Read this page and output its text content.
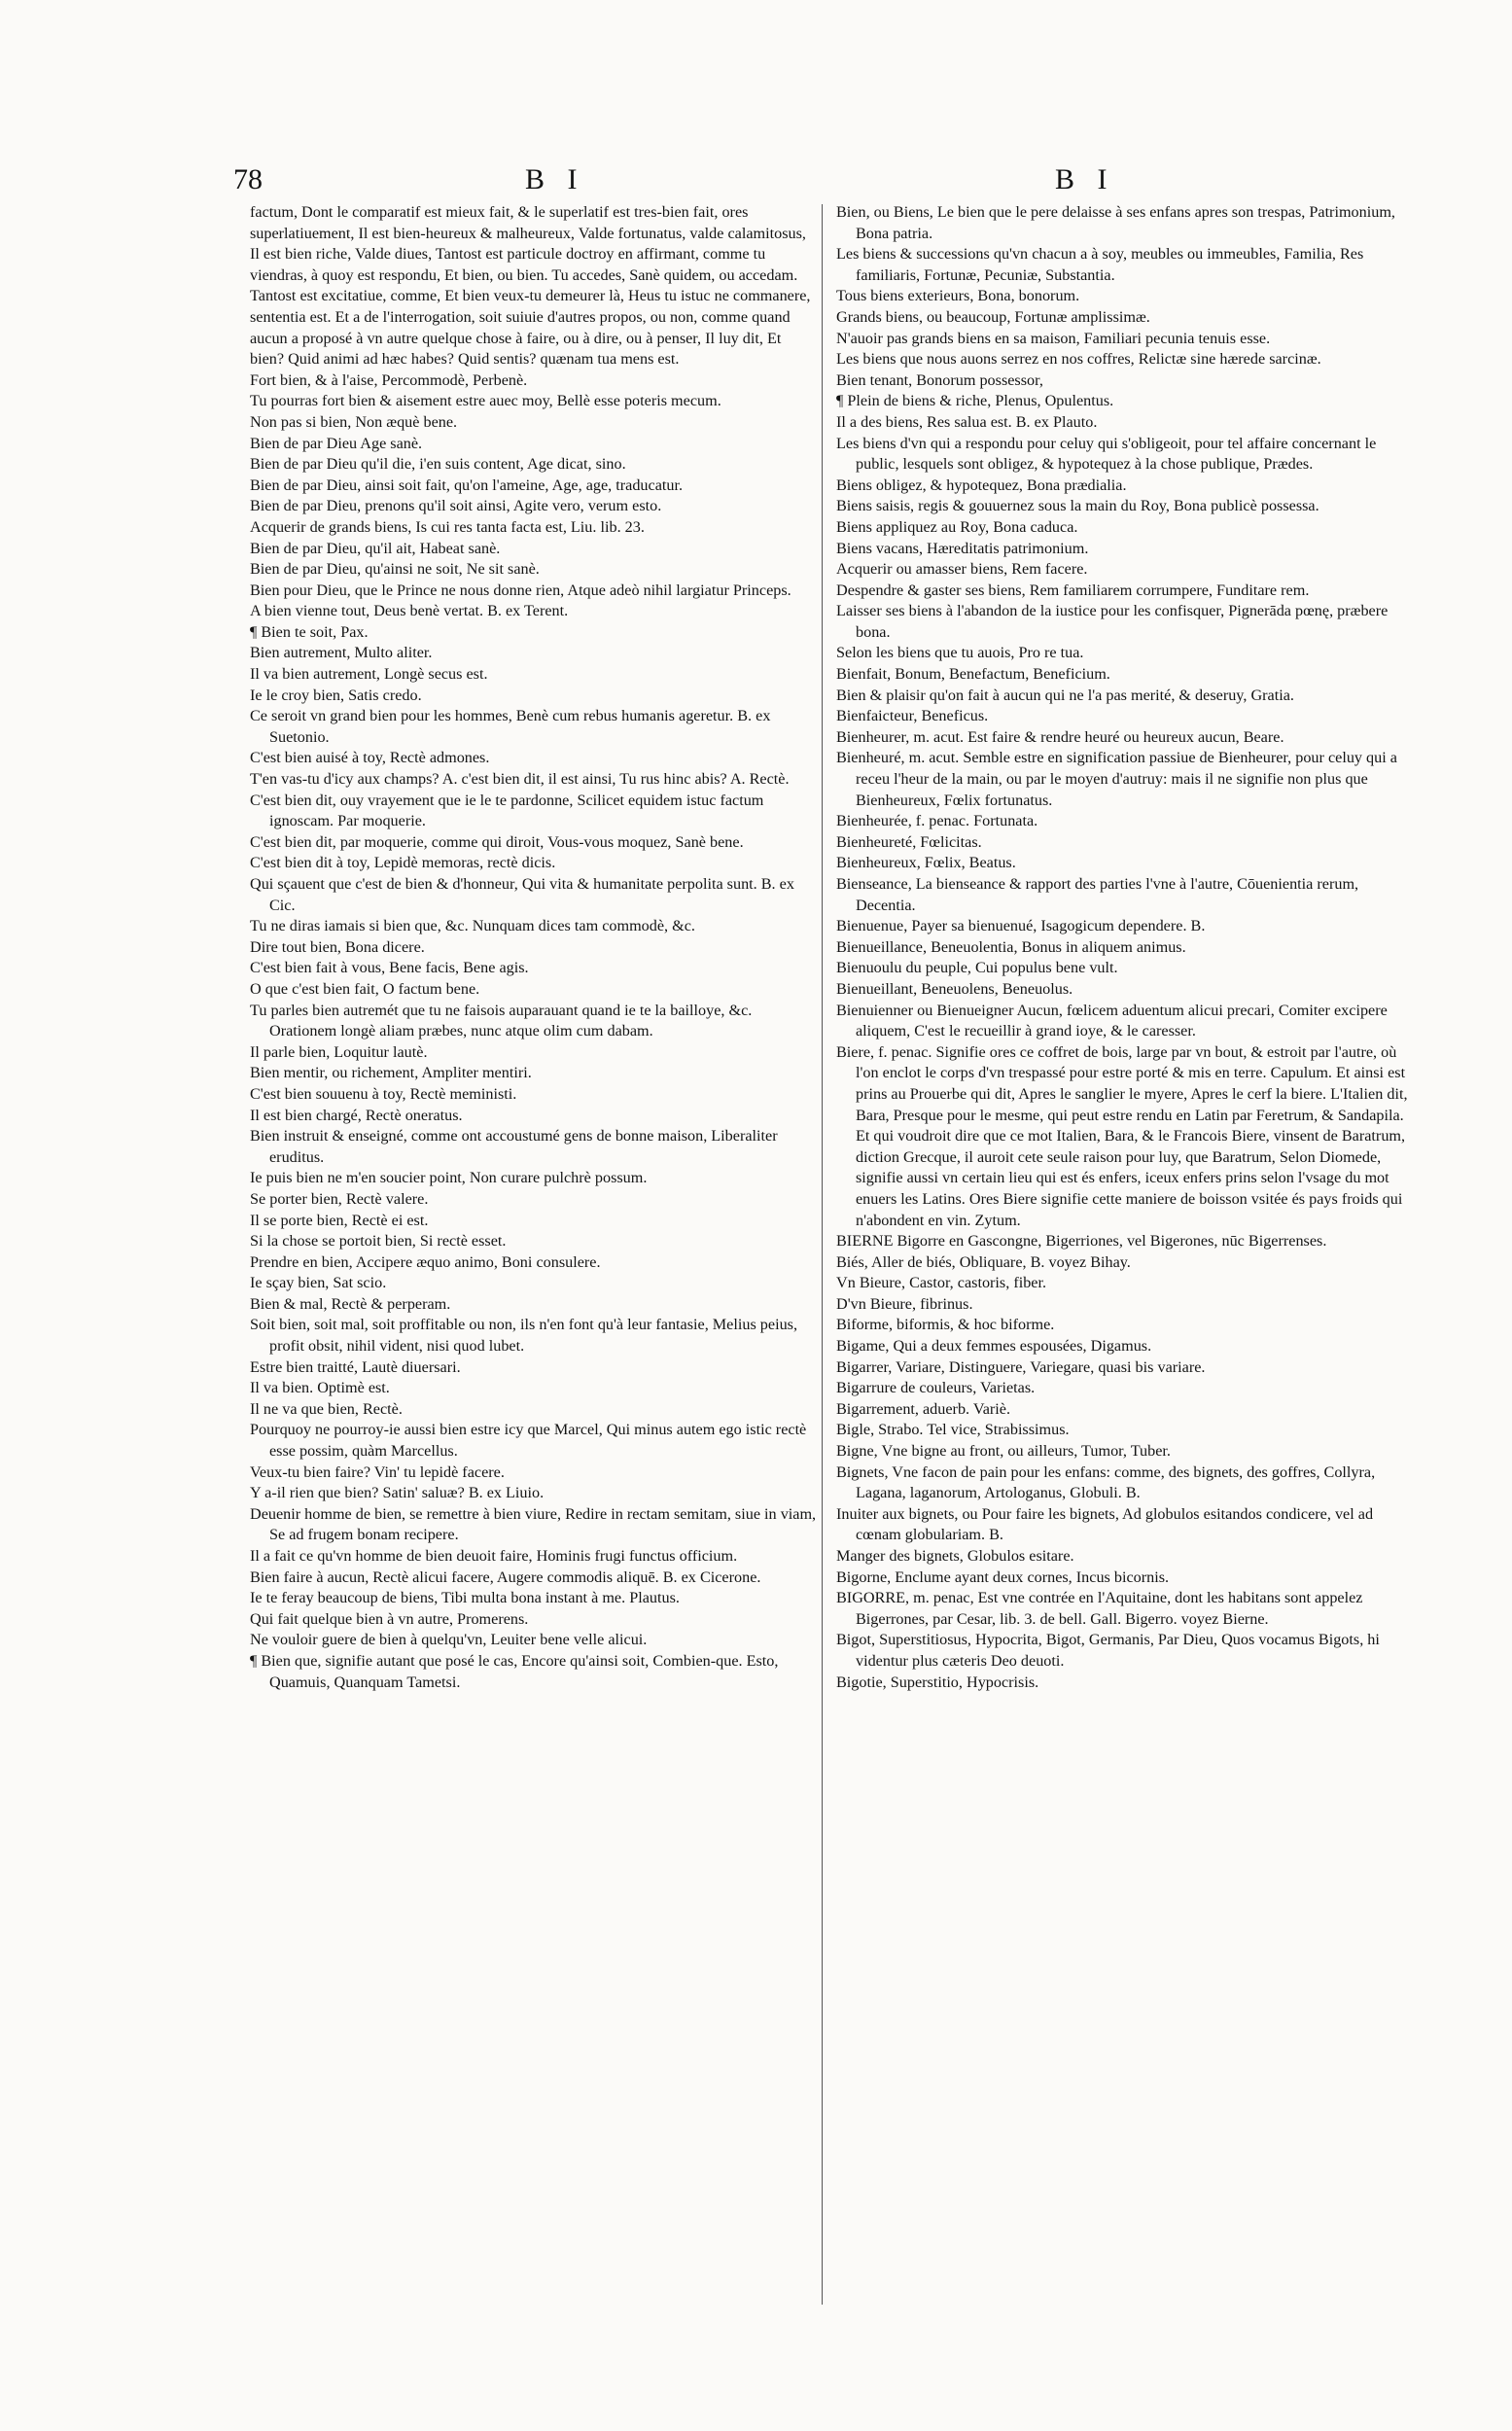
78	B I	B I

factum, Dont le comparatif est mieux fait, & le superlatif est tres-bien fait, ores superlatiuement, Il est bien-heureux & malheureux, Valde fortunatus, valde calamitosus, Il est bien riche, Valde diues, Tantost est particule doctroy en affirmant, comme tu viendras, à quoy est respondu, Et bien, ou bien. Tu accedes, Sanè quidem, ou accedam. Tantost est excitatiue, comme, Et bien veux-tu demeurer là, Heus tu istuc ne commanere, sententia est. Et a de l'interrogation, soit suiuie d'autres propos, ou non, comme quand aucun a proposé à vn autre quelque chose à faire, ou à dire, ou à penser, Il luy dit, Et bien? Quid animi ad hæc habes? Quid sentis? quænam tua mens est.

Fort bien, & à l'aise, Percommodè, Perbenè.

Tu pourras fort bien & aisement estre auec moy, Bellè esse poteris mecum.

Non pas si bien, Non æquè bene.

Bien de par Dieu Age sanè.

Bien de par Dieu qu'il die, i'en suis content, Age dicat, sino.

Bien de par Dieu, ainsi soit fait, qu'on l'ameine, Age, age, traducatur.

Bien de par Dieu, prenons qu'il soit ainsi, Agite vero, verum esto.

Acquerir de grands biens, Is cui res tanta facta est, Liu. lib. 23.

Bien de par Dieu, qu'il ait, Habeat sanè.

Bien de par Dieu, qu'ainsi ne soit, Ne sit sanè.

Bien pour Dieu, que le Prince ne nous donne rien, Atque adeò nihil largiatur Princeps.

A bien vienne tout, Deus benè vertat. B. ex Terent.

¶ Bien te soit, Pax.

Bien autrement, Multo aliter.

Il va bien autrement, Longè secus est.

Ie le croy bien, Satis credo.

Ce seroit vn grand bien pour les hommes, Benè cum rebus humanis ageretur. B. ex Suetonio.

C'est bien auisé à toy, Rectè admones.

T'en vas-tu d'icy aux champs? A. c'est bien dit, il est ainsi, Tu rus hinc abis? A. Rectè.

C'est bien dit, ouy vrayement que ie le te pardonne, Scilicet equidem istuc factum ignoscam. Par moquerie.

C'est bien dit, par moquerie, comme qui diroit, Vous-vous moquez, Sanè bene.

C'est bien dit à toy, Lepidè memoras, rectè dicis.

Qui sçauent que c'est de bien & d'honneur, Qui vita & humanitate perpolita sunt. B. ex Cic.

Tu ne diras iamais si bien que, &c. Nunquam dices tam commodè, &c.

Dire tout bien, Bona dicere.

C'est bien fait à vous, Bene facis, Bene agis.

O que c'est bien fait, O factum bene.

Tu parles bien autremét que tu ne faisois auparauant quand ie te la bailloye, &c. Orationem longè aliam præbes, nunc atque olim cum dabam.

Il parle bien, Loquitur lautè.

Bien mentir, ou richement, Ampliter mentiri.

C'est bien souuenu à toy, Rectè meministi.

Il est bien chargé, Rectè oneratus.

Bien instruit & enseigné, comme ont accoustumé gens de bonne maison, Liberaliter eruditus.

Ie puis bien ne m'en soucier point, Non curare pulchrè possum.

Se porter bien, Rectè valere.

Il se porte bien, Rectè ei est.

Si la chose se portoit bien, Si rectè esset.

Prendre en bien, Accipere æquo animo, Boni consulere.

Ie sçay bien, Sat scio.

Bien & mal, Rectè & perperam.

Soit bien, soit mal, soit proffitable ou non, ils n'en font qu'à leur fantasie, Melius peius, profit obsit, nihil vident, nisi quod lubet.

Estre bien traitté, Lautè diuersari.

Il va bien. Optimè est.

Il ne va que bien, Rectè.

Pourquoy ne pourroy-ie aussi bien estre icy que Marcel, Qui minus autem ego istic rectè esse possim, quàm Marcellus.

Veux-tu bien faire? Vin' tu lepidè facere.

Y a-il rien que bien? Satin' saluæ? B. ex Liuio.

Deuenir homme de bien, se remettre à bien viure, Redire in rectam semitam, siue in viam, Se ad frugem bonam recipere.

Il a fait ce qu'vn homme de bien deuoit faire, Hominis frugi functus officium.

Bien faire à aucun, Rectè alicui facere, Augere commodis aliquē. B. ex Cicerone.

Ie te feray beaucoup de biens, Tibi multa bona instant à me. Plautus.

Qui fait quelque bien à vn autre, Promerens.

Ne vouloir guere de bien à quelqu'vn, Leuiter bene velle alicui.

¶ Bien que, signifie autant que posé le cas, Encore qu'ainsi soit, Combien-que. Esto, Quamuis, Quanquam Tametsi.

Bien, ou Biens, Le bien que le pere delaisse à ses enfans apres son trespas, Patrimonium, Bona patria.

Les biens & successions qu'vn chacun a à soy, meubles ou immeubles, Familia, Res familiaris, Fortunæ, Pecuniæ, Substantia.

Tous biens exterieurs, Bona, bonorum.

Grands biens, ou beaucoup, Fortunæ amplissimæ.

N'auoir pas grands biens en sa maison, Familiari pecunia tenuis esse.

Les biens que nous auons serrez en nos coffres, Relictæ sine hærede sarcinæ.

Bien tenant, Bonorum possessor,

¶ Plein de biens & riche, Plenus, Opulentus.

Il a des biens, Res salua est. B. ex Plauto.

Les biens d'vn qui a respondu pour celuy qui s'obligeoit, pour tel affaire concernant le public, lesquels sont obligez, & hypotequez à la chose publique, Prædes.

Biens obligez, & hypotequez, Bona prædialia.

Biens saisis, regis & gouuernez sous la main du Roy, Bona publicè possessa.

Biens appliquez au Roy, Bona caduca.

Biens vacans, Hæreditatis patrimonium.

Acquerir ou amasser biens, Rem facere.

Despendre & gaster ses biens, Rem familiarem corrumpere, Funditare rem.

Laisser ses biens à l'abandon de la iustice pour les confisquer, Pignerāda pœnę, præbere bona.

Selon les biens que tu auois, Pro re tua.

Bienfait, Bonum, Benefactum, Beneficium.

Bien & plaisir qu'on fait à aucun qui ne l'a pas merité, & deseruy, Gratia.

Bienfaicteur, Beneficus.

Bienheurer, m. acut. Est faire & rendre heuré ou heureux aucun, Beare.

Bienheuré, m. acut. Semble estre en signification passiue de Bienheurer, pour celuy qui a receu l'heur de la main, ou par le moyen d'autruy: mais il ne signifie non plus que Bienheureux, Fœlix fortunatus.

Bienheurée, f. penac. Fortunata.

Bienheureté, Fœlicitas.

Bienheureux, Fœlix, Beatus.

Bienseance, La bienseance & rapport des parties l'vne à l'autre, Cōuenientia rerum, Decentia.

Bienuenue, Payer sa bienuenué, Isagogicum dependere. B.

Bienueillance, Beneuolentia, Bonus in aliquem animus.

Bienuoulu du peuple, Cui populus bene vult.

Bienueillant, Beneuolens, Beneuolus.

Bienuienner ou Bienueigner Aucun, fœlicem aduentum alicui precari, Comiter excipere aliquem, C'est le recueillir à grand ioye, & le caresser.

Biere, f. penac. Signifie ores ce coffret de bois, large par vn bout, & estroit par l'autre, où l'on enclot le corps d'vn trespassé pour estre porté & mis en terre. Capulum. Et ainsi est prins au Prouerbe qui dit, Apres le sanglier le myere, Apres le cerf la biere. L'Italien dit, Bara, Presque pour le mesme, qui peut estre rendu en Latin par Feretrum, & Sandapila. Et qui voudroit dire que ce mot Italien, Bara, & le Francois Biere, vinsent de Baratrum, diction Grecque, il auroit cete seule raison pour luy, que Baratrum, Selon Diomede, signifie aussi vn certain lieu qui est és enfers, iceux enfers prins selon l'vsage du mot enuers les Latins. Ores Biere signifie cette maniere de boisson vsitée és pays froids qui n'abondent en vin. Zytum.

BIERNE Bigorre en Gascongne, Bigerriones, vel Bigerones, nūc Bigerrenses.

Biés, Aller de biés, Obliquare, B. voyez Bihay.

Vn Bieure, Castor, castoris, fiber.

D'vn Bieure, fibrinus.

Biforme, biformis, & hoc biforme.

Bigame, Qui a deux femmes espousées, Digamus.

Bigarrer, Variare, Distinguere, Variegare, quasi bis variare.

Bigarrure de couleurs, Varietas.

Bigarrement, aduerb. Variè.

Bigle, Strabo. Tel vice, Strabissimus.

Bigne, Vne bigne au front, ou ailleurs, Tumor, Tuber.

Bignets, Vne facon de pain pour les enfans: comme, des bignets, des goffres, Collyra, Lagana, laganorum, Artologanus, Globuli. B.

Inuiter aux bignets, ou Pour faire les bignets, Ad globulos esitandos condicere, vel ad cœnam globulariam. B.

Manger des bignets, Globulos esitare.

Bigorne, Enclume ayant deux cornes, Incus bicornis.

BIGORRE, m. penac, Est vne contrée en l'Aquitaine, dont les habitans sont appelez Bigerrones, par Cesar, lib. 3. de bell. Gall. Bigerro. voyez Bierne.

Bigot, Superstitiosus, Hypocrita, Bigot, Germanis, Par Dieu, Quos vocamus Bigots, hi videntur plus cæteris Deo deuoti.

Bigotie, Superstitio, Hypocrisis.
